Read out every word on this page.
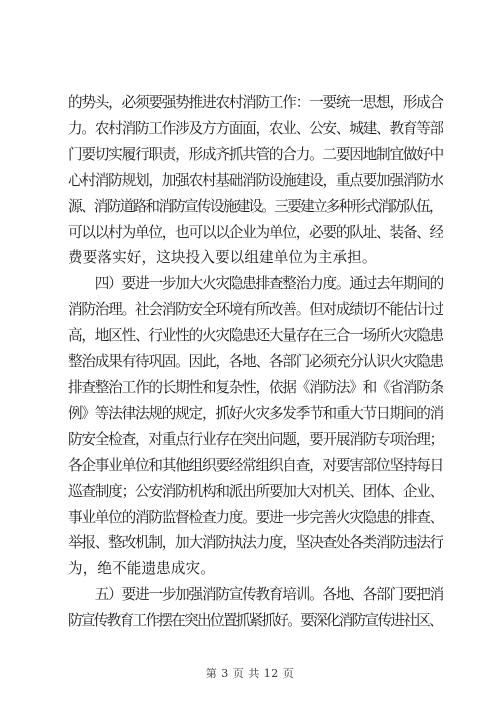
的势头，必须要强势推进农村消防工作：一要统一思想，形成合
力。农村消防工作涉及方方面面，农业、公安、城建、教育等部
门要切实履行职责，形成齐抓共管的合力。二要因地制宜做好中
心村消防规划，加强农村基础消防设施建设，重点要加强消防水
源、消防道路和消防宣传设施建设。三要建立多种形式消防队伍，
可以以村为单位，也可以以企业为单位，必要的队址、装备、经
费要落实好，这块投入要以组建单位为主承担。

　　四）要进一步加大火灾隐患排查整治力度。通过去年期间的
消防治理。社会消防安全环境有所改善。但对成绩切不能估计过
高，地区性、行业性的火灾隐患还大量存在三合一场所火灾隐患
整治成果有待巩固。因此，各地、各部门必须充分认识火灾隐患
排查整治工作的长期性和复杂性，依据《消防法》和《省消防条
例》等法律法规的规定，抓好火灾多发季节和重大节日期间的消
防安全检查，对重点行业存在突出问题，要开展消防专项治理；
各企事业单位和其他组织要经常组织自查，对要害部位坚持每日
巡查制度；公安消防机构和派出所要加大对机关、团体、企业、
事业单位的消防监督检查力度。要进一步完善火灾隐患的排查、
举报、整改机制，加大消防执法力度，坚决查处各类消防违法行
为，绝不能遗患成灾。

　　五）要进一步加强消防宣传教育培训。各地、各部门要把消
防宣传教育工作摆在突出位置抓紧抓好。要深化消防宣传进社区、

第 3 页 共 12 页
